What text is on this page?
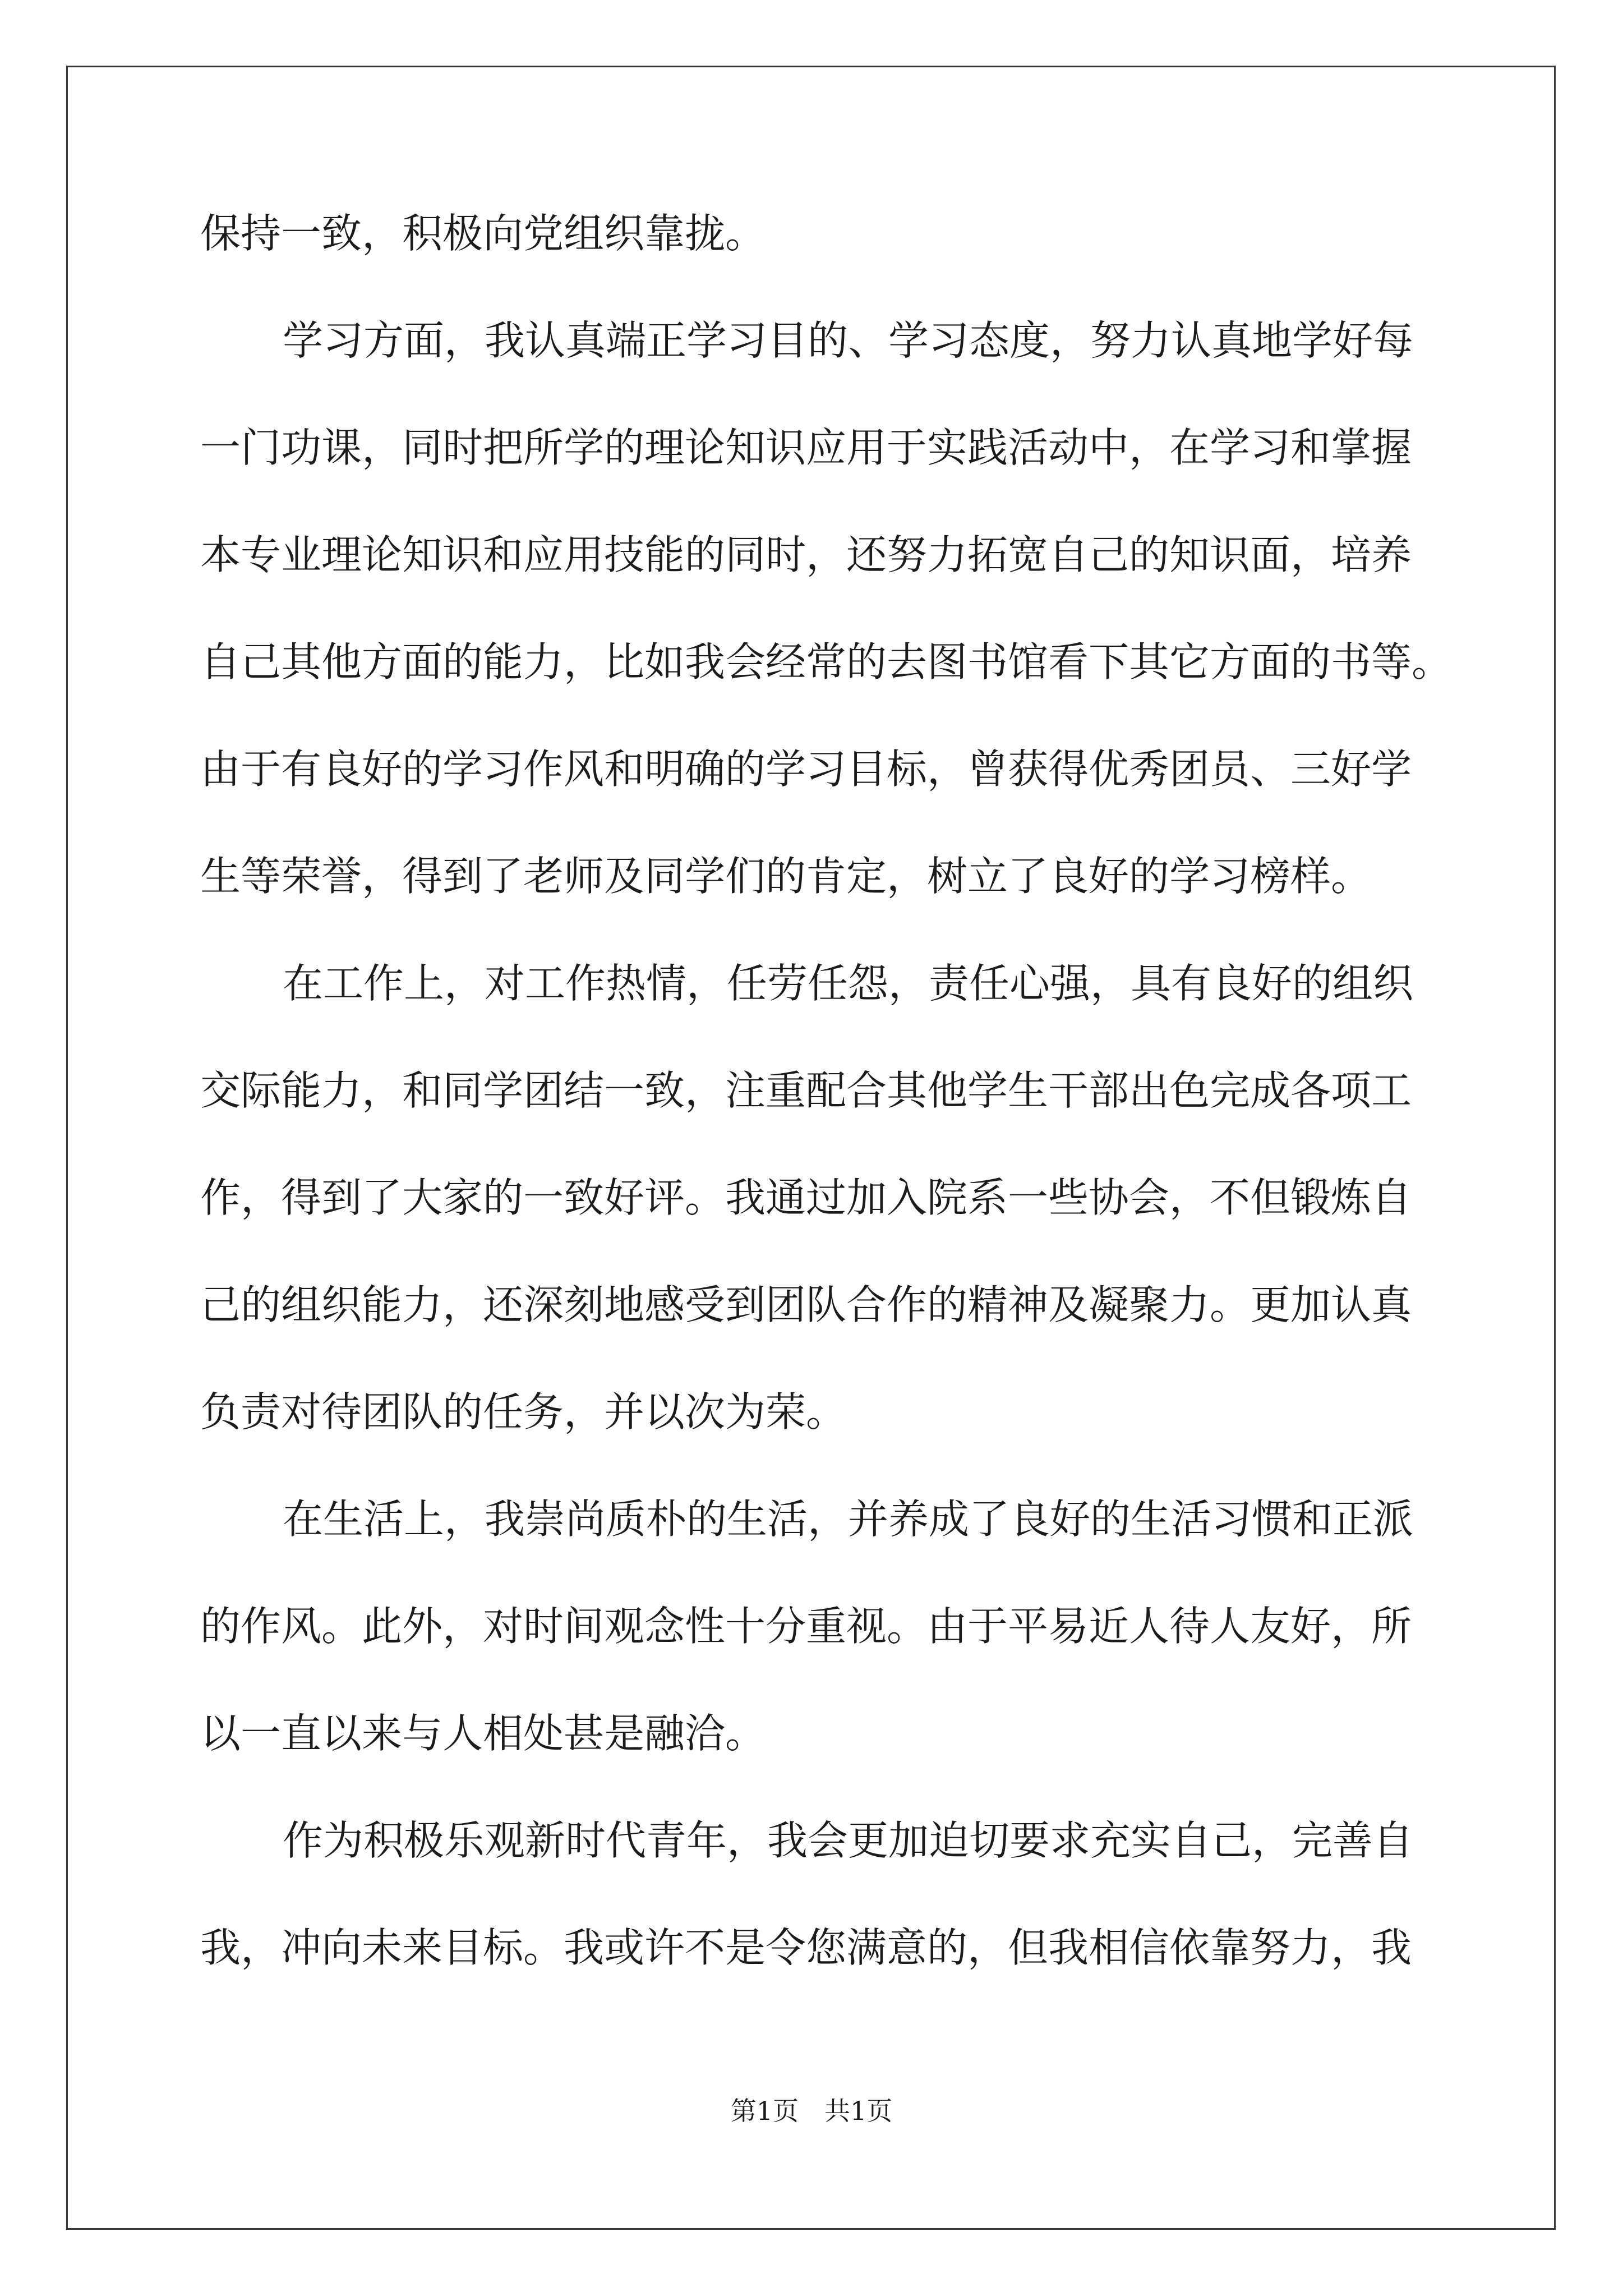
保持一致，积极向党组织靠拢。
学习方面，我认真端正学习目的、学习态度，努力认真地学好每
一门功课，同时把所学的理论知识应用于实践活动中，在学习和掌握
本专业理论知识和应用技能的同时，还努力拓宽自己的知识面，培养
自己其他方面的能力，比如我会经常的去图书馆看下其它方面的书等。
由于有良好的学习作风和明确的学习目标，曾获得优秀团员、三好学
生等荣誉，得到了老师及同学们的肯定，树立了良好的学习榜样。
在工作上，对工作热情，任劳任怨，责任心强，具有良好的组织
交际能力，和同学团结一致，注重配合其他学生干部出色完成各项工
作，得到了大家的一致好评。我通过加入院系一些协会，不但锻炼自
己的组织能力，还深刻地感受到团队合作的精神及凝聚力。更加认真
负责对待团队的任务，并以次为荣。
在生活上，我崇尚质朴的生活，并养成了良好的生活习惯和正派
的作风。此外，对时间观念性十分重视。由于平易近人待人友好，所
以一直以来与人相处甚是融洽。
作为积极乐观新时代青年，我会更加迫切要求充实自己，完善自
我，冲向未来目标。我或许不是令您满意的，但我相信依靠努力，我
第1页　共1页
